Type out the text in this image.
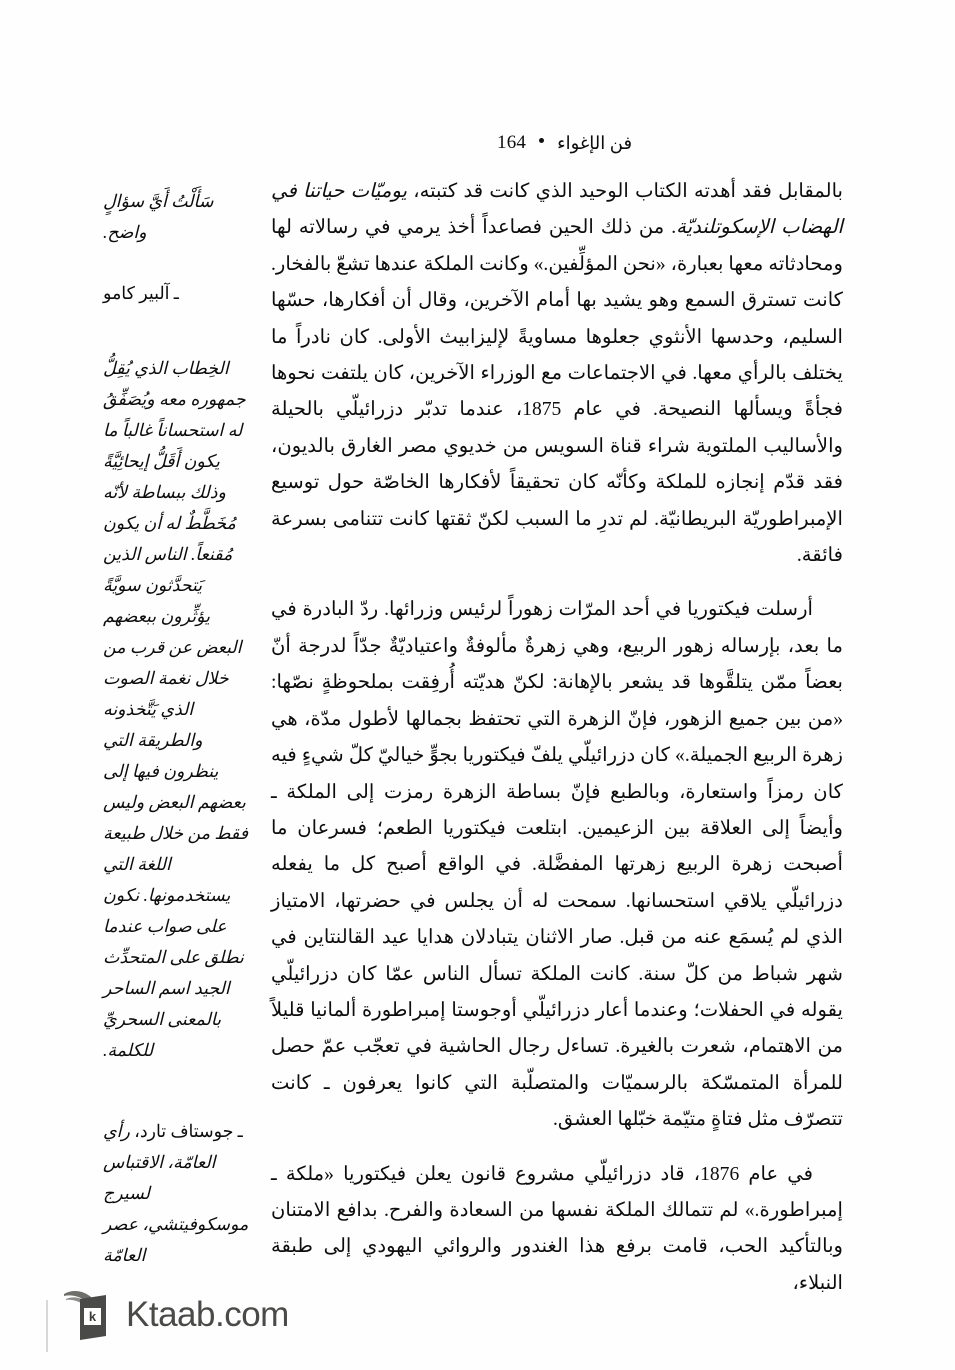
164 فن الإغواء

سَأَلْتُ أَيَّ سؤالٍ واضح.

ـ آلبير كامو

الخِطاب الذي يُقِلُّ جمهوره معه ويُصَفِّقُ له استحساناً غالباً ما يكون أَقَلُّ إيحائِيَّةً وذلك ببساطة لأنّه مُخَطَّطٌ له أن يكون مُقنعاً. الناس الذين يَتحدَّثون سويَّةً يؤثِّرون ببعضهم البعض عن قرب من خلال نغمة الصوت الذي يَتَّخذونه والطريقة التي ينظرون فيها إلى بعضهم البعض وليس فقط من خلال طبيعة اللغة التي يستخدمونها. نكون على صواب عندما نطلق على المتحدِّث الجيد اسم الساحر بالمعنى السحريِّ للكلمة.

ـ جوستاف تارد، رأي العامّة، الاقتباس لسيرج موسكوفيتشي، عصر العامّة

بالمقابل فقد أهدته الكتاب الوحيد الذي كانت قد كتبته، يوميّات حياتنا في الهضاب الإسكوتلنديّة. من ذلك الحين فصاعداً أخذ يرمي في رسالاته لها ومحادثاته معها بعبارة، «نحن المؤلِّفين.» وكانت الملكة عندها تشعّ بالفخار. كانت تسترق السمع وهو يشيد بها أمام الآخرين، وقال أن أفكارها، حسّها السليم، وحدسها الأنثوي جعلوها مساويةً لإليزابيث الأولى. كان نادراً ما يختلف بالرأي معها. في الاجتماعات مع الوزراء الآخرين، كان يلتفت نحوها فجأةً ويسألها النصيحة. في عام 1875، عندما تدبّر دزرائيلّي بالحيلة والأساليب الملتوية شراء قناة السويس من خديوي مصر الغارق بالديون، فقد قدّم إنجازه للملكة وكأنّه كان تحقيقاً لأفكارها الخاصّة حول توسيع الإمبراطوريّة البريطانيّة. لم تدرِ ما السبب لكنّ ثقتها كانت تتنامى بسرعة فائقة.

أرسلت فيكتوريا في أحد المرّات زهوراً لرئيس وزرائها. ردّ البادرة في ما بعد، بإرساله زهور الربيع، وهي زهرةٌ مألوفةٌ واعتياديّةٌ جدّاً لدرجة أنّ بعضاً ممّن يتلقَّوها قد يشعر بالإهانة: لكنّ هديّته أُرفِقت بملحوظةٍ نصّها: «من بين جميع الزهور، فإنّ الزهرة التي تحتفظ بجمالها لأطول مدّة، هي زهرة الربيع الجميلة.» كان دزرائيلّي يلفّ فيكتوريا بجوٍّ خياليّ كلّ شيءٍ فيه كان رمزاً واستعارة، وبالطبع فإنّ بساطة الزهرة رمزت إلى الملكة ـ وأيضاً إلى العلاقة بين الزعيمين. ابتلعت فيكتوريا الطعم؛ فسرعان ما أصبحت زهرة الربيع زهرتها المفضَّلة. في الواقع أصبح كل ما يفعله دزرائيلّي يلاقي استحسانها. سمحت له أن يجلس في حضرتها، الامتياز الذي لم يُسمَع عنه من قبل. صار الاثنان يتبادلان هدايا عيد القالنتاين في شهر شباط من كلّ سنة. كانت الملكة تسأل الناس عمّا كان دزرائيلّي يقوله في الحفلات؛ وعندما أعار دزرائيلّي أوجوستا إمبراطورة ألمانيا قليلاً من الاهتمام، شعرت بالغيرة. تساءل رجال الحاشية في تعجّب عمّ حصل للمرأة المتمسّكة بالرسميّات والمتصلّبة التي كانوا يعرفون ـ كانت تتصرّف مثل فتاةٍ متيّمة خبّلها العشق.

في عام 1876، قاد دزرائيلّي مشروع قانون يعلن فيكتوريا «ملكة ـ إمبراطورة.» لم تتمالك الملكة نفسها من السعادة والفرح. بدافع الامتنان وبالتأكيد الحب، قامت برفع هذا الغندور والروائي اليهودي إلى طبقة النبلاء،

k Ktaab.com
